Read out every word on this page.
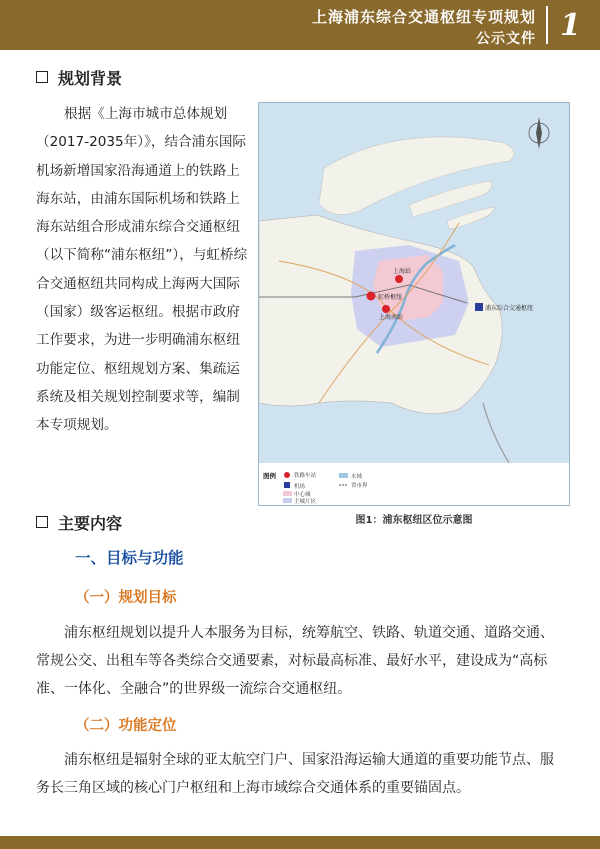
上海浦东综合交通枢纽专项规划
公示文件 1
规划背景

根据《上海市城市总体规划（2017-2035年）》，结合浦东国际机场新增国家沿海通道上的铁路上海东站，由浦东国际机场和铁路上海东站组合形成浦东综合交通枢纽（以下简称“浦东枢纽”），与虹桥综合交通枢纽共同构成上海两大国际（国家）级客运枢纽。根据市政府工作要求，为进一步明确浦东枢纽功能定位、枢纽规划方案、集疏运系统及相关规划控制要求等，编制本专项规划。

虹桥枢纽
上海站
上海南站
浦东综合交通枢纽
图例	铁路车站
机场
中心城
主城片区
水域
省市界
图1：浦东枢纽区位示意图
主要内容
一、目标与功能
（一）规划目标

浦东枢纽规划以提升人本服务为目标，统筹航空、铁路、轨道交通、道路交通、常规公交、出租车等各类综合交通要素，对标最高标准、最好水平，建设成为“高标准、一体化、全融合”的世界级一流综合交通枢纽。

（二）功能定位

浦东枢纽是辐射全球的亚太航空门户、国家沿海运输大通道的重要功能节点、服务长三角区域的核心门户枢纽和上海市域综合交通体系的重要锚固点。
